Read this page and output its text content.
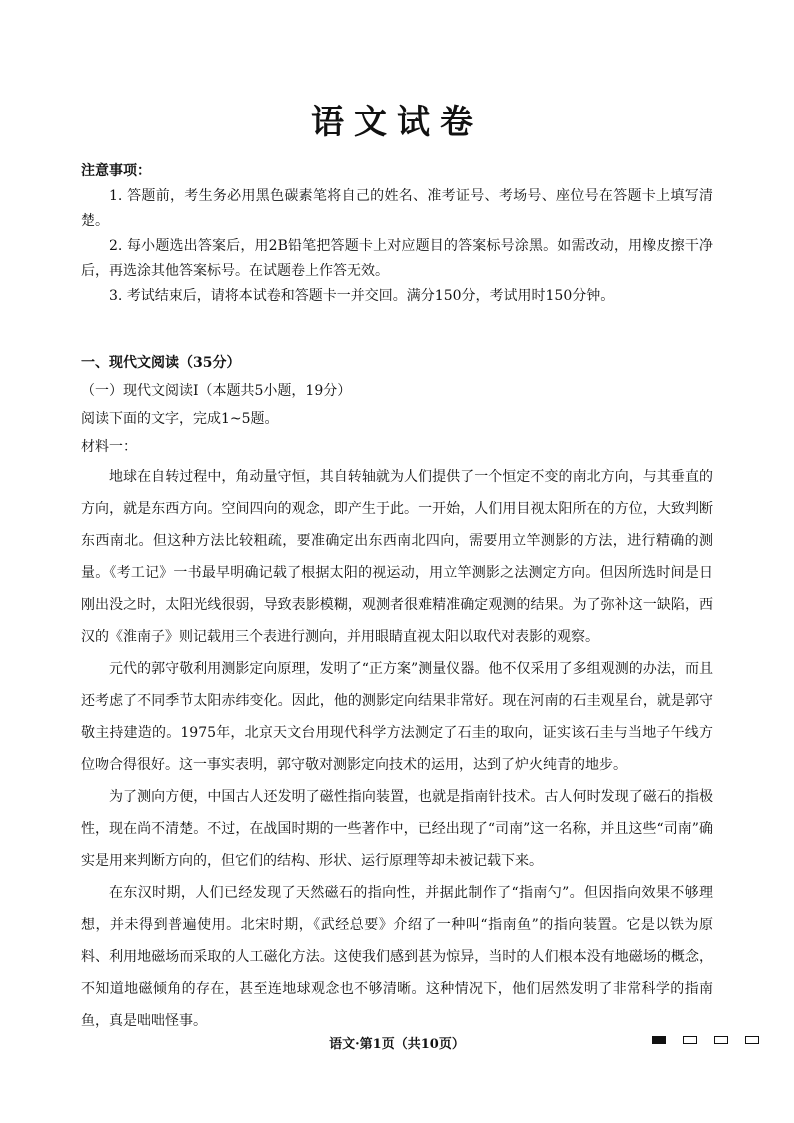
语文试卷

注意事项：

1. 答题前，考生务必用黑色碳素笔将自己的姓名、准考证号、考场号、座位号在答题卡上填写清楚。

2. 每小题选出答案后，用2B铅笔把答题卡上对应题目的答案标号涂黑。如需改动，用橡皮擦干净后，再选涂其他答案标号。在试题卷上作答无效。

3. 考试结束后，请将本试卷和答题卡一并交回。满分150分，考试用时150分钟。

一、现代文阅读（35分）

（一）现代文阅读Ⅰ（本题共5小题，19分）

阅读下面的文字，完成1~5题。

材料一：

地球在自转过程中，角动量守恒，其自转轴就为人们提供了一个恒定不变的南北方向，与其垂直的方向，就是东西方向。空间四向的观念，即产生于此。一开始，人们用目视太阳所在的方位，大致判断东西南北。但这种方法比较粗疏，要准确定出东西南北四向，需要用立竿测影的方法，进行精确的测量。《考工记》一书最早明确记载了根据太阳的视运动，用立竿测影之法测定方向。但因所选时间是日刚出没之时，太阳光线很弱，导致表影模糊，观测者很难精准确定观测的结果。为了弥补这一缺陷，西汉的《淮南子》则记载用三个表进行测向，并用眼睛直视太阳以取代对表影的观察。

元代的郭守敬利用测影定向原理，发明了“正方案”测量仪器。他不仅采用了多组观测的办法，而且还考虑了不同季节太阳赤纬变化。因此，他的测影定向结果非常好。现在河南的石圭观星台，就是郭守敬主持建造的。1975年，北京天文台用现代科学方法测定了石圭的取向，证实该石圭与当地子午线方位吻合得很好。这一事实表明，郭守敬对测影定向技术的运用，达到了炉火纯青的地步。

为了测向方便，中国古人还发明了磁性指向装置，也就是指南针技术。古人何时发现了磁石的指极性，现在尚不清楚。不过，在战国时期的一些著作中，已经出现了“司南”这一名称，并且这些“司南”确实是用来判断方向的，但它们的结构、形状、运行原理等却未被记载下来。

在东汉时期，人们已经发现了天然磁石的指向性，并据此制作了“指南勺”。但因指向效果不够理想，并未得到普遍使用。北宋时期，《武经总要》介绍了一种叫“指南鱼”的指向装置。它是以铁为原料、利用地磁场而采取的人工磁化方法。这使我们感到甚为惊异，当时的人们根本没有地磁场的概念，不知道地磁倾角的存在，甚至连地球观念也不够清晰。这种情况下，他们居然发明了非常科学的指南鱼，真是咄咄怪事。

语文·第1页（共10页）
